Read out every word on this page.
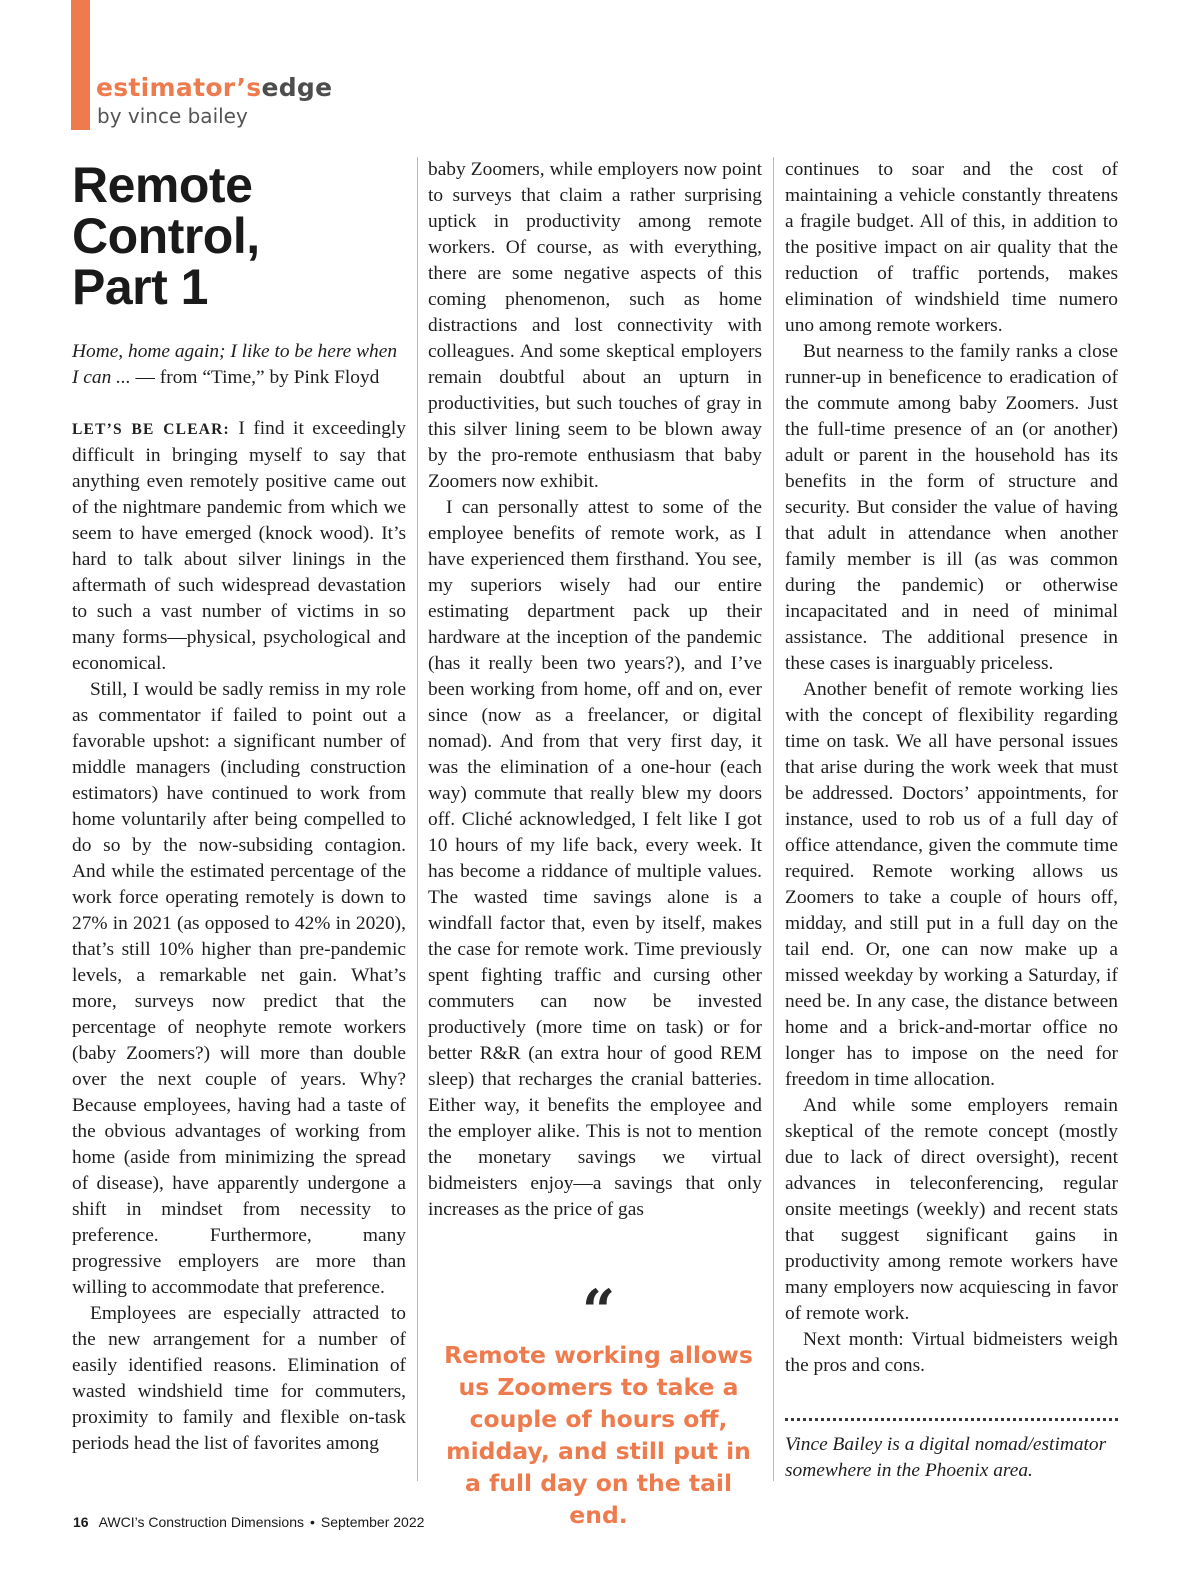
estimator’sedge
by vince bailey
Remote
Control,
Part 1

Home, home again; I like to be here when I can ... — from “Time,” by Pink Floyd

LET’S BE CLEAR: I find it exceedingly difficult in bringing myself to say that anything even remotely positive came out of the nightmare pandemic from which we seem to have emerged (knock wood). It’s hard to talk about silver linings in the aftermath of such widespread devastation to such a vast number of victims in so many forms—physical, psychological and economical.

Still, I would be sadly remiss in my role as commentator if failed to point out a favorable upshot: a significant number of middle managers (including construction estimators) have continued to work from home voluntarily after being compelled to do so by the now-subsiding contagion. And while the estimated percentage of the work force operating remotely is down to 27% in 2021 (as opposed to 42% in 2020), that’s still 10% higher than pre-pandemic levels, a remarkable net gain. What’s more, surveys now predict that the percentage of neophyte remote workers (baby Zoomers?) will more than double over the next couple of years. Why? Because employees, having had a taste of the obvious advantages of working from home (aside from minimizing the spread of disease), have apparently undergone a shift in mindset from necessity to preference. Furthermore, many progressive employers are more than willing to accommodate that preference.

Employees are especially attracted to the new arrangement for a number of easily identified reasons. Elimination of wasted windshield time for commuters, proximity to family and flexible on-task periods head the list of favorites among

baby Zoomers, while employers now point to surveys that claim a rather surprising uptick in productivity among remote workers. Of course, as with everything, there are some negative aspects of this coming phenomenon, such as home distractions and lost connectivity with colleagues. And some skeptical employers remain doubtful about an upturn in productivities, but such touches of gray in this silver lining seem to be blown away by the pro-remote enthusiasm that baby Zoomers now exhibit.

I can personally attest to some of the employee benefits of remote work, as I have experienced them firsthand. You see, my superiors wisely had our entire estimating department pack up their hardware at the inception of the pandemic (has it really been two years?), and I’ve been working from home, off and on, ever since (now as a freelancer, or digital nomad). And from that very first day, it was the elimination of a one-hour (each way) commute that really blew my doors off. Cliché acknowledged, I felt like I got 10 hours of my life back, every week. It has become a riddance of multiple values. The wasted time savings alone is a windfall factor that, even by itself, makes the case for remote work. Time previously spent fighting traffic and cursing other commuters can now be invested productively (more time on task) or for better R&R (an extra hour of good REM sleep) that recharges the cranial batteries. Either way, it benefits the employee and the employer alike. This is not to mention the monetary savings we virtual bidmeisters enjoy—a savings that only increases as the price of gas

“
Remote working allows us Zoomers to take a couple of hours off, midday, and still put in a full day on the tail end.

continues to soar and the cost of maintaining a vehicle constantly threatens a fragile budget. All of this, in addition to the positive impact on air quality that the reduction of traffic portends, makes elimination of windshield time numero uno among remote workers.

But nearness to the family ranks a close runner-up in beneficence to eradication of the commute among baby Zoomers. Just the full-time presence of an (or another) adult or parent in the household has its benefits in the form of structure and security. But consider the value of having that adult in attendance when another family member is ill (as was common during the pandemic) or otherwise incapacitated and in need of minimal assistance. The additional presence in these cases is inarguably priceless.

Another benefit of remote working lies with the concept of flexibility regarding time on task. We all have personal issues that arise during the work week that must be addressed. Doctors’ appointments, for instance, used to rob us of a full day of office attendance, given the commute time required. Remote working allows us Zoomers to take a couple of hours off, midday, and still put in a full day on the tail end. Or, one can now make up a missed weekday by working a Saturday, if need be. In any case, the distance between home and a brick-and-mortar office no longer has to impose on the need for freedom in time allocation.

And while some employers remain skeptical of the remote concept (mostly due to lack of direct oversight), recent advances in teleconferencing, regular onsite meetings (weekly) and recent stats that suggest significant gains in productivity among remote workers have many employers now acquiescing in favor of remote work.

Next month: Virtual bidmeisters weigh the pros and cons.

Vince Bailey is a digital nomad/estimator somewhere in the Phoenix area.
16 AWCI’s Construction Dimensions • September 2022
